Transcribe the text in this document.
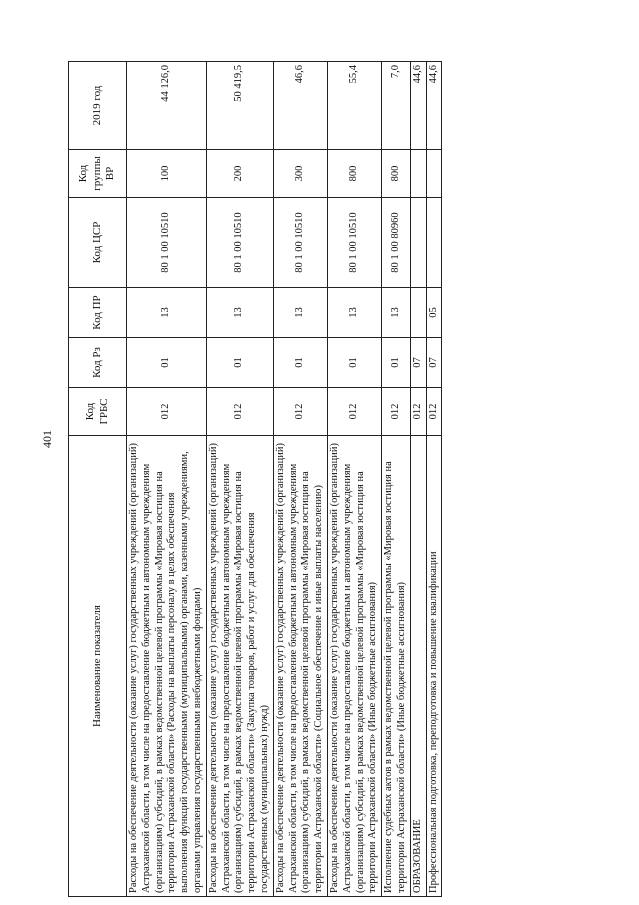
401
Наименование показателя	Код ГРБС	Код Рз	Код ПР	Код ЦСР	Код группы ВР	2019 год
Расходы на обеспечение деятельности (оказание услуг) государственных учреждений (организаций) Астраханской области, в том числе на предоставление бюджетным и автономным учреждениям (организациям) субсидий, в рамках ведомственной целевой программы «Мировая юстиция на территории Астраханской области» (Расходы на выплаты персоналу в целях обеспечения выполнения функций государственными (муниципальными) органами, казенными учреждениями, органами управления государственными внебюджетными фондами)	012	01	13	80 1 00 10510	100	44 126,0
Расходы на обеспечение деятельности (оказание услуг) государственных учреждений (организаций) Астраханской области, в том числе на предоставление бюджетным и автономным учреждениям (организациям) субсидий, в рамках ведомственной целевой программы «Мировая юстиция на территории Астраханской области» (Закупка товаров, работ и услуг для обеспечения государственных (муниципальных) нужд)	012	01	13	80 1 00 10510	200	50 419,5
Расходы на обеспечение деятельности (оказание услуг) государственных учреждений (организаций) Астраханской области, в том числе на предоставление бюджетным и автономным учреждениям (организациям) субсидий, в рамках ведомственной целевой программы «Мировая юстиция на территории Астраханской области» (Социальное обеспечение и иные выплаты населению)	012	01	13	80 1 00 10510	300	46,6
Расходы на обеспечение деятельности (оказание услуг) государственных учреждений (организаций) Астраханской области, в том числе на предоставление бюджетным и автономным учреждениям (организациям) субсидий, в рамках ведомственной целевой программы «Мировая юстиция на территории Астраханской области» (Иные бюджетные ассигнования)	012	01	13	80 1 00 10510	800	55,4
Исполнение судебных актов в рамках ведомственной целевой программы «Мировая юстиция на территории Астраханской области» (Иные бюджетные ассигнования)	012	01	13	80 1 00 80960	800	7,0
ОБРАЗОВАНИЕ	012	07				44,6
Профессиональная подготовка, переподготовка и повышение квалификации	012	07	05			44,6
